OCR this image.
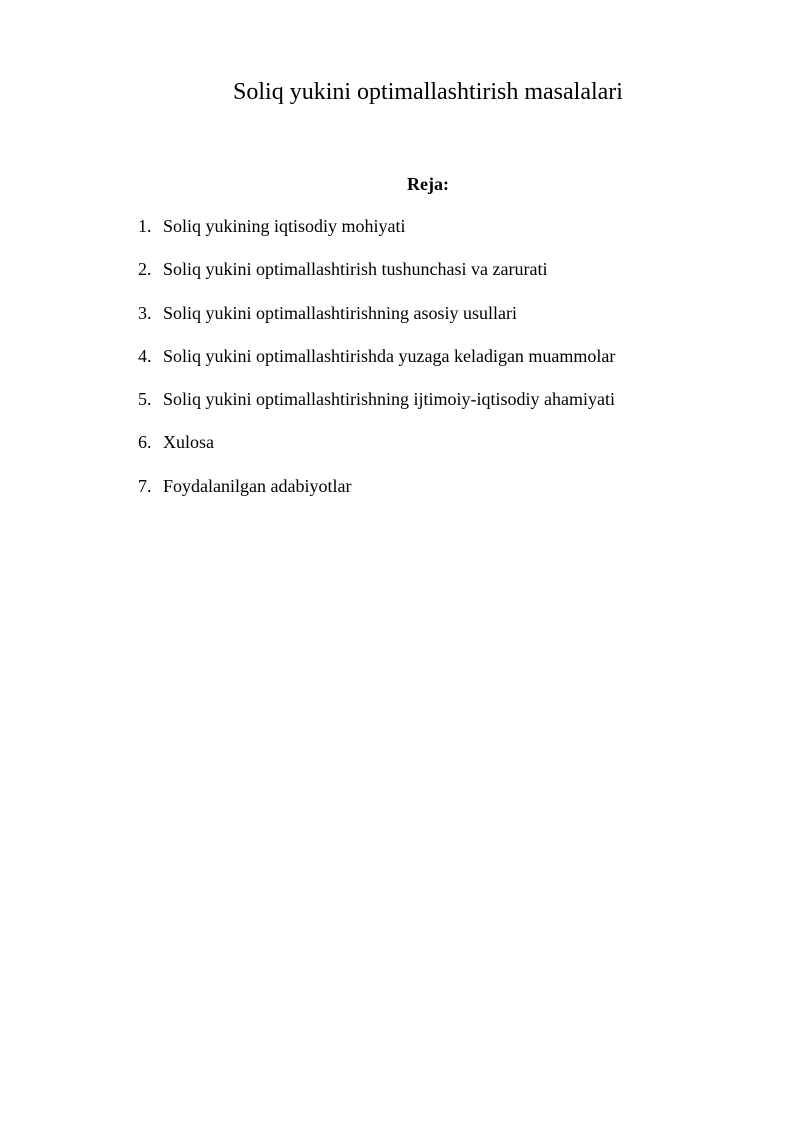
Soliq yukini optimallashtirish masalalari
Reja:
1. Soliq yukining iqtisodiy mohiyati
2. Soliq yukini optimallashtirish tushunchasi va zarurati
3. Soliq yukini optimallashtirishning asosiy usullari
4. Soliq yukini optimallashtirishda yuzaga keladigan muammolar
5. Soliq yukini optimallashtirishning ijtimoiy-iqtisodiy ahamiyati
6. Xulosa
7. Foydalanilgan adabiyotlar
